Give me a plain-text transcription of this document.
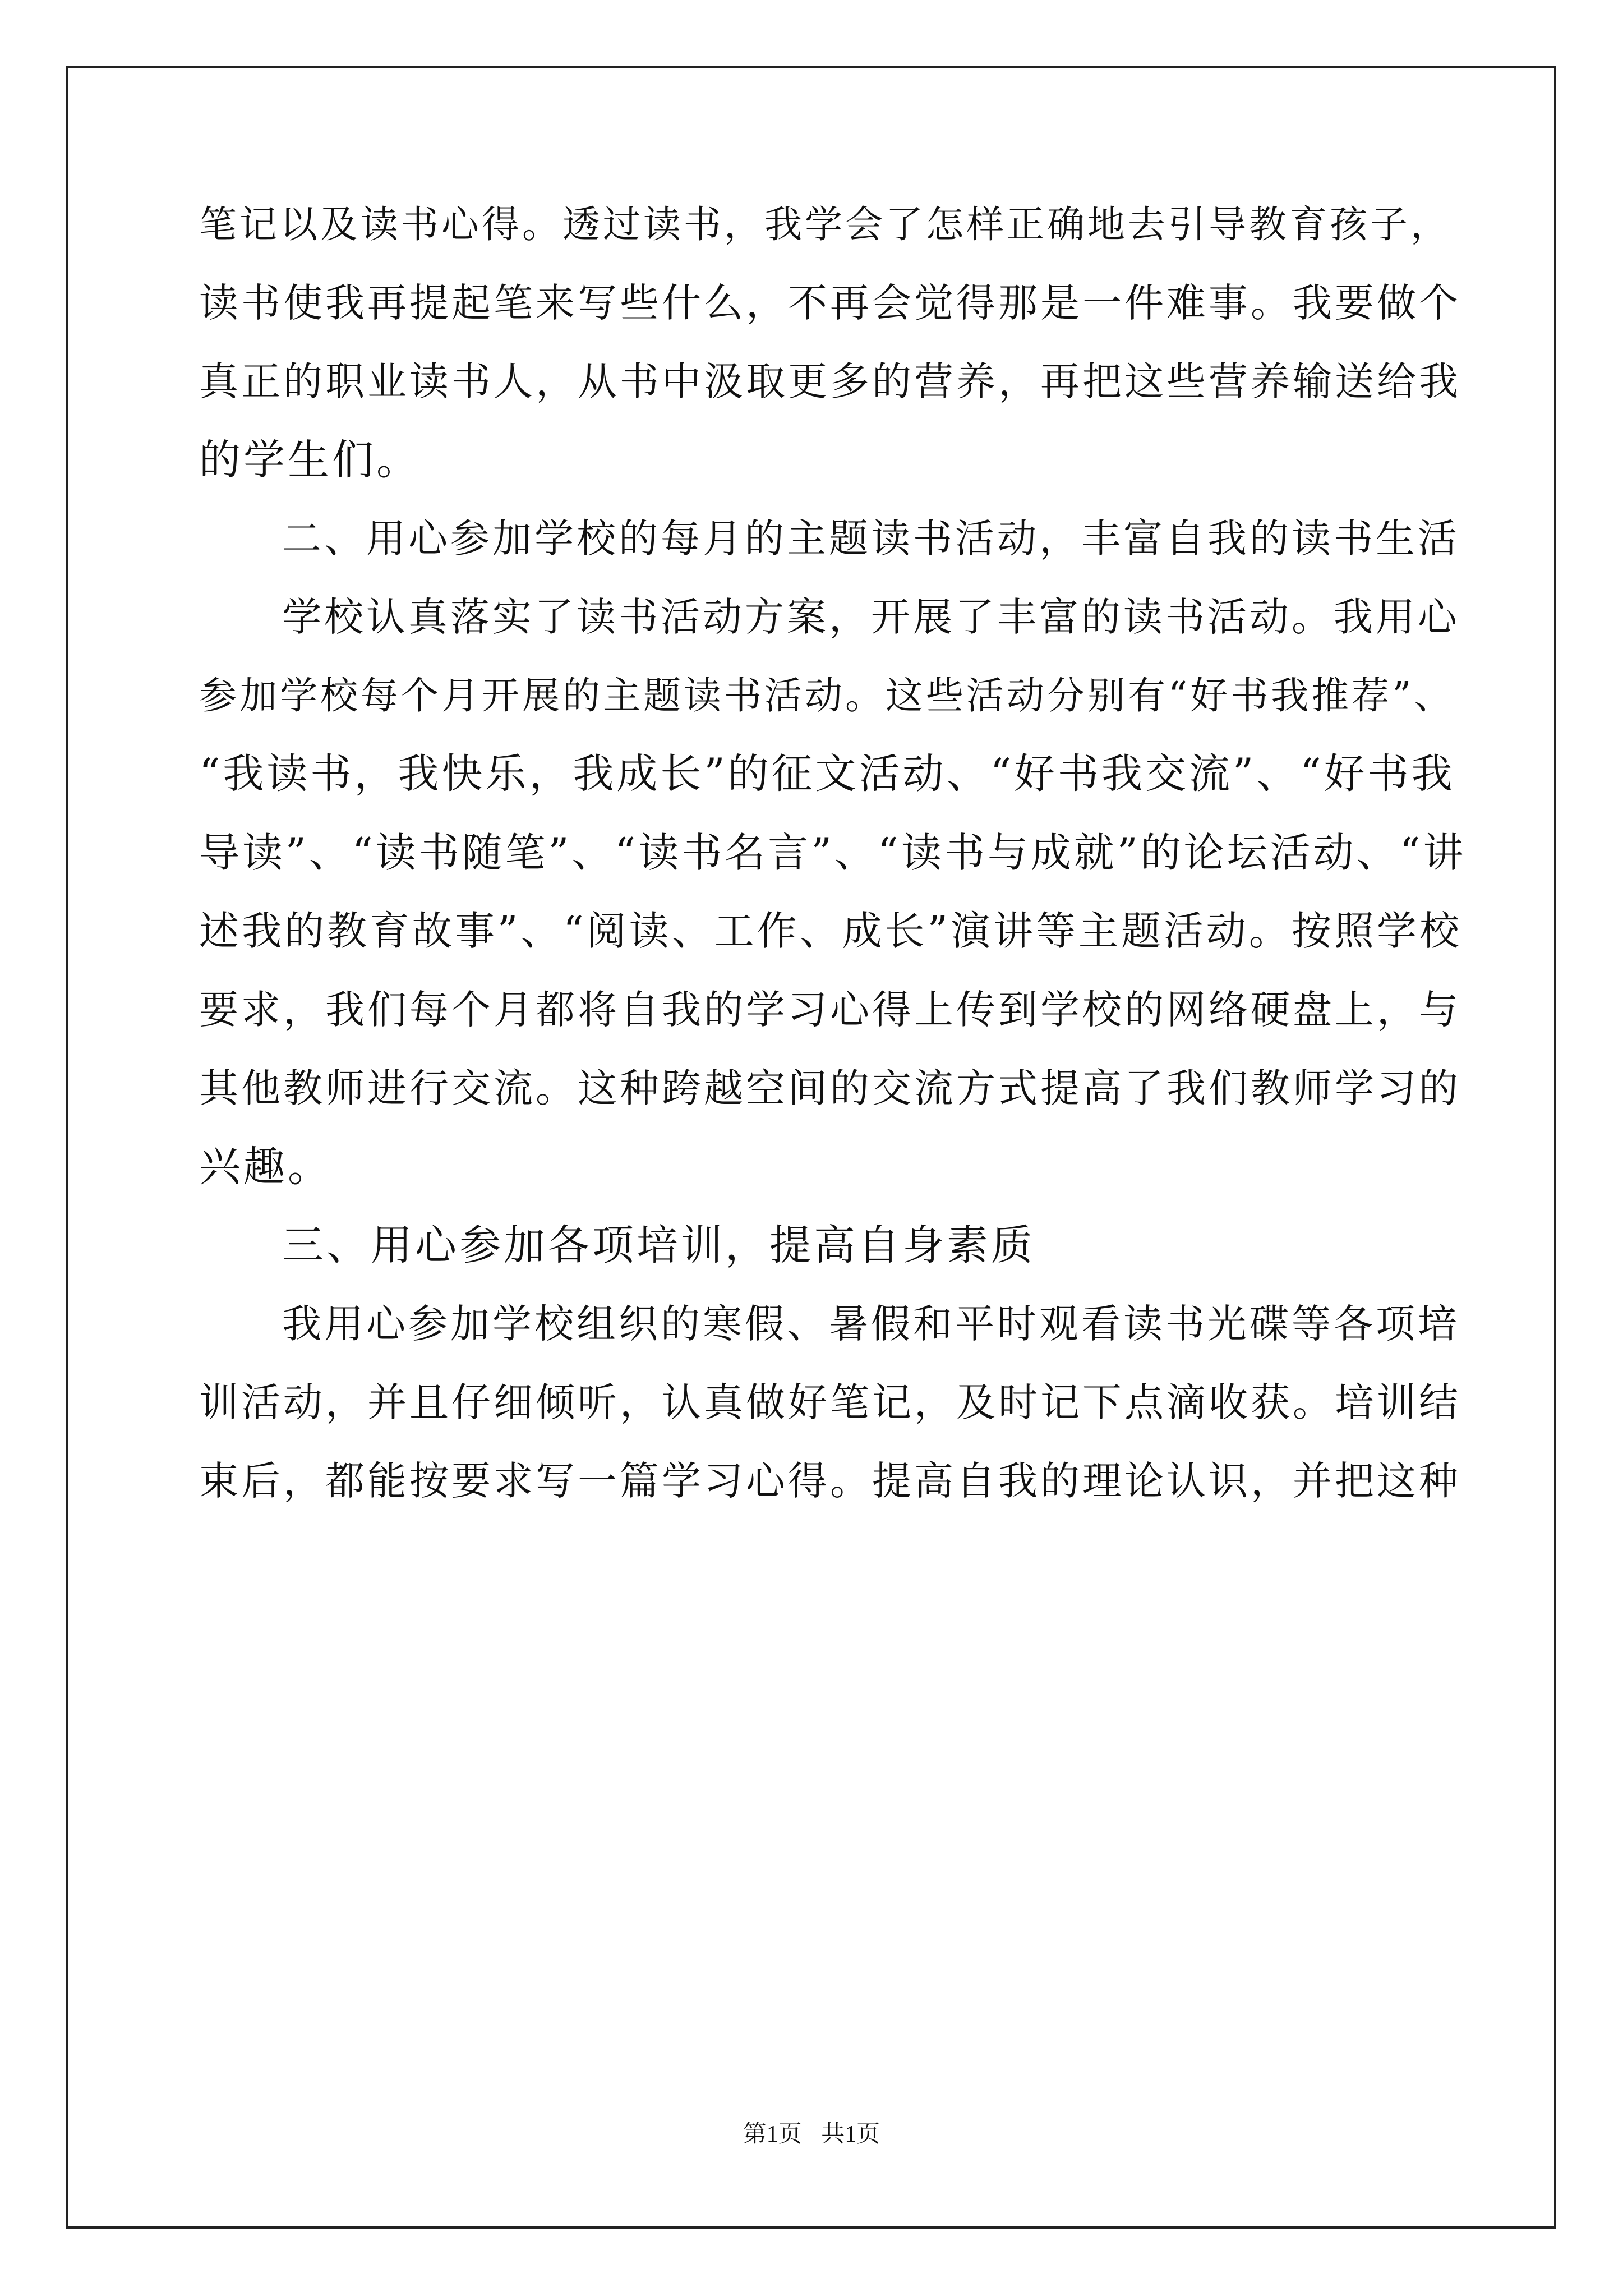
笔记以及读书心得。透过读书，我学会了怎样正确地去引导教育孩子，
读书使我再提起笔来写些什么，不再会觉得那是一件难事。我要做个
真正的职业读书人，从书中汲取更多的营养，再把这些营养输送给我
的学生们。
二、用心参加学校的每月的主题读书活动，丰富自我的读书生活
学校认真落实了读书活动方案，开展了丰富的读书活动。我用心
参加学校每个月开展的主题读书活动。这些活动分别有“好书我推荐”、
“我读书，我快乐，我成长”的征文活动、“好书我交流”、“好书我
导读”、“读书随笔”、“读书名言”、“读书与成就”的论坛活动、“讲
述我的教育故事”、“阅读、工作、成长”演讲等主题活动。按照学校
要求，我们每个月都将自我的学习心得上传到学校的网络硬盘上，与
其他教师进行交流。这种跨越空间的交流方式提高了我们教师学习的
兴趣。
三、用心参加各项培训，提高自身素质
我用心参加学校组织的寒假、暑假和平时观看读书光碟等各项培
训活动，并且仔细倾听，认真做好笔记，及时记下点滴收获。培训结
束后，都能按要求写一篇学习心得。提高自我的理论认识，并把这种
第1页 共1页
